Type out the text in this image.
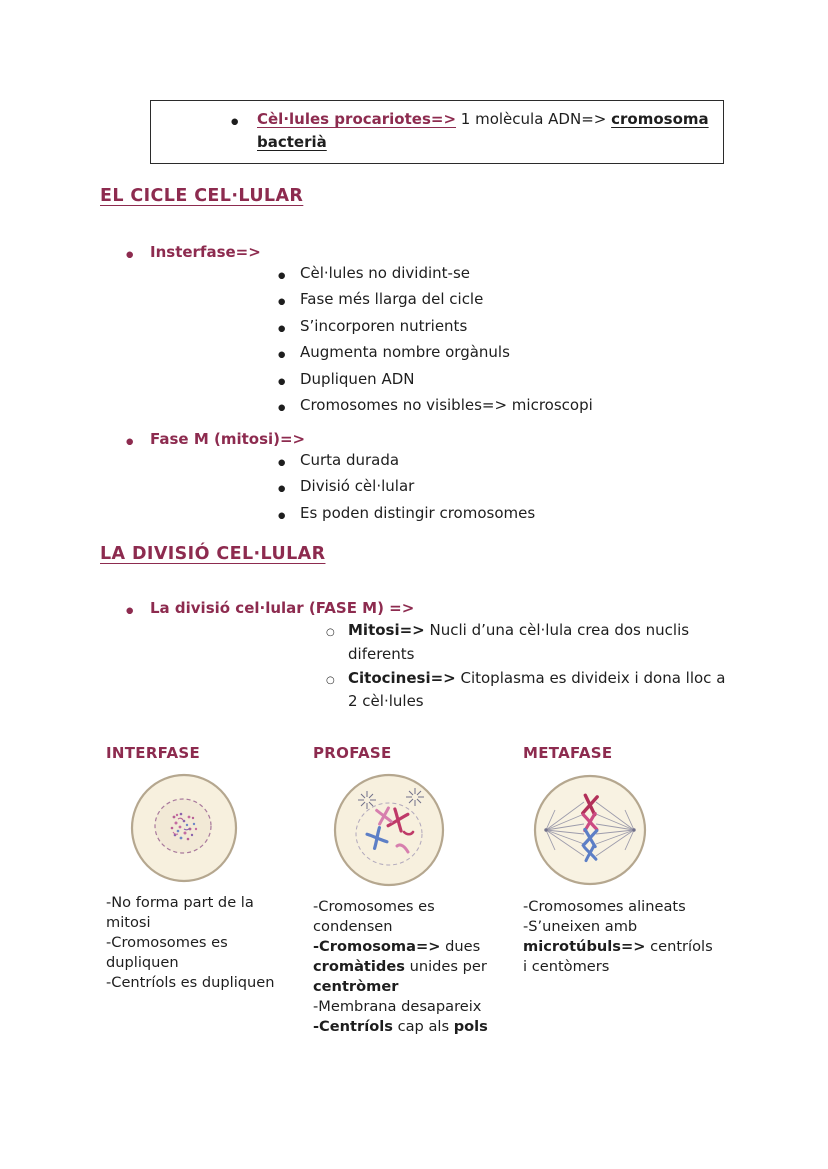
●

Cèl·lules procariotes=> 1 molècula ADN=> cromosoma bacterià

EL CICLE CEL·LULAR
●
Insterfase=>
●
Cèl·lules no dividint-se
●
Fase més llarga del cicle
●
S’incorporen nutrients
●
Augmenta nombre orgànuls
●
Dupliquen ADN
●
Cromosomes no visibles=> microscopi
●
Fase M (mitosi)=>
●
Curta durada
●
Divisió cèl·lular
●
Es poden distingir cromosomes
LA DIVISIÓ CEL·LULAR
●
La divisió cel·lular (FASE M) =>
○

Mitosi=> Nucli d’una cèl·lula crea dos nuclis diferents

○

Citocinesi=> Citoplasma es divideix i dona lloc a 2 cèl·lules

INTERFASE

-No forma part de la mitosi

-Cromosomes es dupliquen

-Centríols es dupliquen

PROFASE

-Cromosomes es condensen

-Cromosoma=> dues cromàtides unides per centròmer

-Membrana desapareix

-Centríols cap als pols

METAFASE

-Cromosomes alineats

-S’uneixen amb microtúbuls=> centríols i centòmers
